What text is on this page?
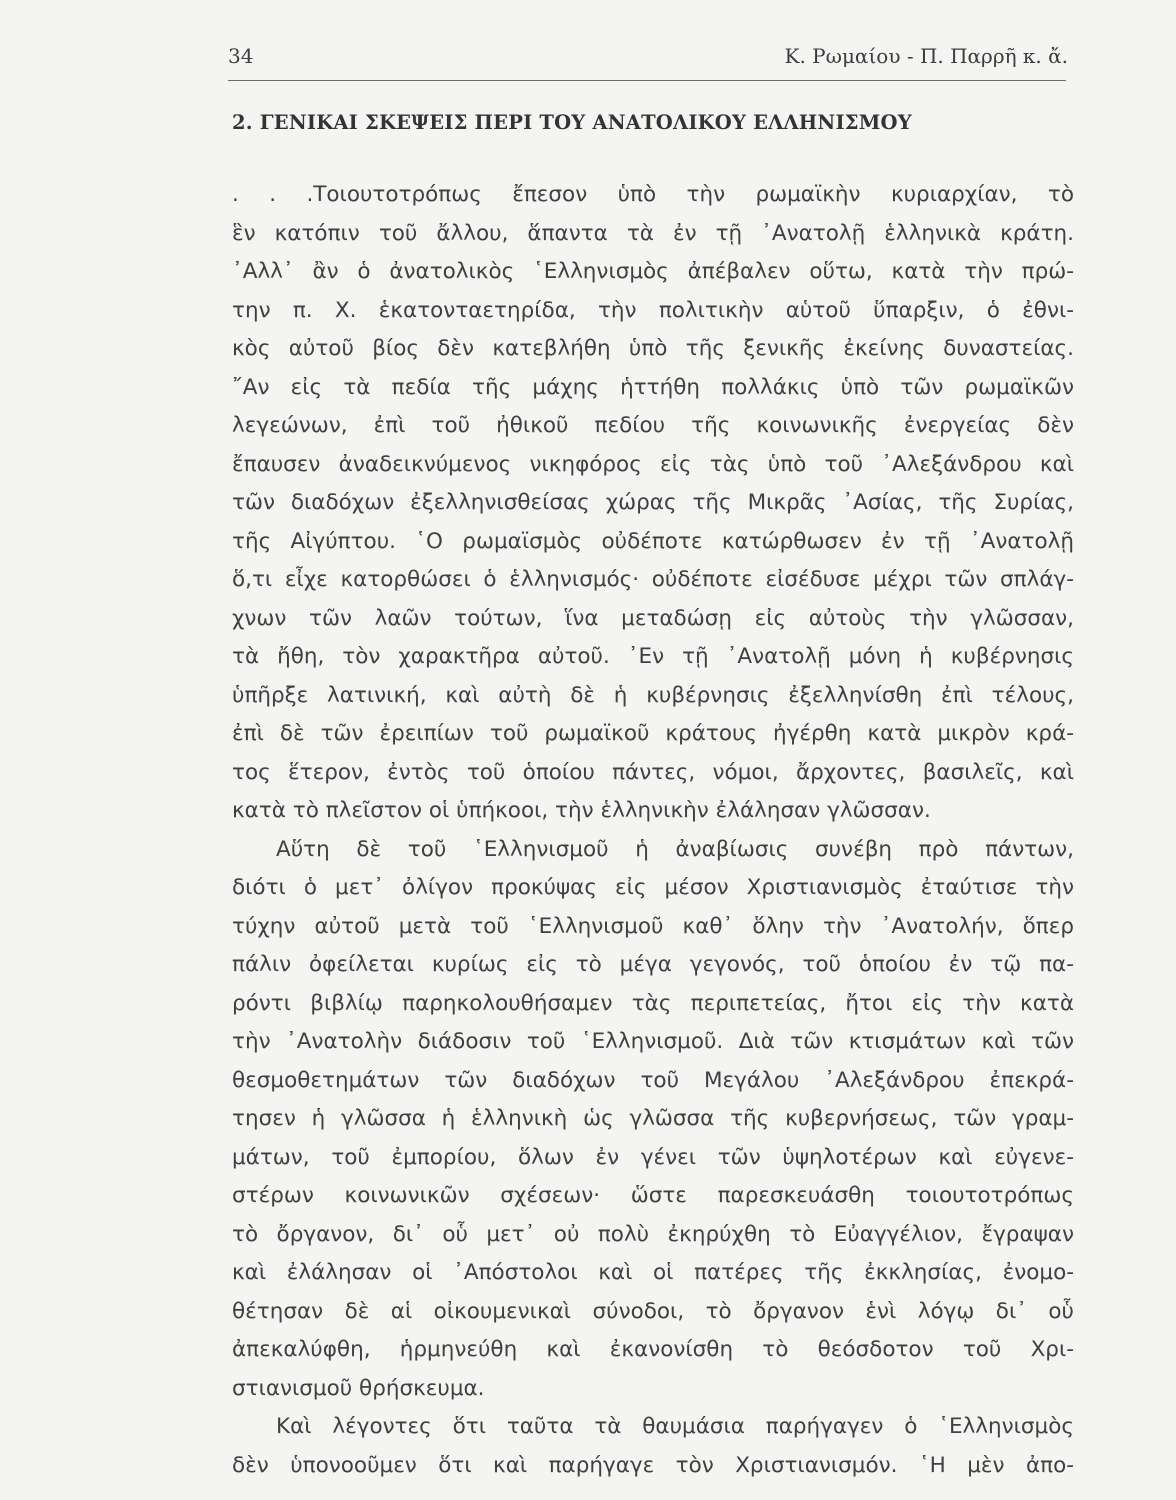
34	Κ. Ρωμαίου - Π. Παρρῆ κ. ἄ.
2. ΓΕΝΙΚΑΙ ΣΚΕΨΕΙΣ ΠΕΡΙ ΤΟΥ ΑΝΑΤΟΛΙΚΟΥ ΕΛΛΗΝΙΣΜΟΥ
. . .Τοιουτοτρόπως ἔπεσον ὑπὸ τὴν ρωμαϊκὴν κυριαρχίαν, τὸ
ἓν κατόπιν τοῦ ἄλλου, ἅπαντα τὰ ἐν τῇ ᾿Ανατολῇ ἑλληνικὰ κράτη.
᾿Αλλ᾿ ἂν ὁ ἀνατολικὸς ῾Ελληνισμὸς ἀπέβαλεν οὕτω, κατὰ τὴν πρώ-
την π. Χ. ἑκατονταετηρίδα, τὴν πολιτικὴν αὑτοῦ ὕπαρξιν, ὁ ἐθνι-
κὸς αὐτοῦ βίος δὲν κατεβλήθη ὑπὸ τῆς ξενικῆς ἐκείνης δυναστείας.
῎Αν εἰς τὰ πεδία τῆς μάχης ἡττήθη πολλάκις ὑπὸ τῶν ρωμαϊκῶν
λεγεώνων, ἐπὶ τοῦ ἠθικοῦ πεδίου τῆς κοινωνικῆς ἐνεργείας δὲν
ἔπαυσεν ἀναδεικνύμενος νικηφόρος εἰς τὰς ὑπὸ τοῦ ᾿Αλεξάνδρου καὶ
τῶν διαδόχων ἐξελληνισθείσας χώρας τῆς Μικρᾶς ᾿Ασίας, τῆς Συρίας,
τῆς Αἰγύπτου. ῾Ο ρωμαϊσμὸς οὐδέποτε κατώρθωσεν ἐν τῇ ᾿Ανατολῇ
ὅ,τι εἶχε κατορθώσει ὁ ἑλληνισμός· οὐδέποτε εἰσέδυσε μέχρι τῶν σπλάγ-
χνων τῶν λαῶν τούτων, ἵνα μεταδώσῃ εἰς αὐτοὺς τὴν γλῶσσαν,
τὰ ἤθη, τὸν χαρακτῆρα αὐτοῦ. ᾿Εν τῇ ᾿Ανατολῇ μόνη ἡ κυβέρνησις
ὑπῆρξε λατινική, καὶ αὐτὴ δὲ ἡ κυβέρνησις ἐξελληνίσθη ἐπὶ τέλους,
ἐπὶ δὲ τῶν ἐρειπίων τοῦ ρωμαϊκοῦ κράτους ἠγέρθη κατὰ μικρὸν κρά-
τος ἕτερον, ἐντὸς τοῦ ὁποίου πάντες, νόμοι, ἄρχοντες, βασιλεῖς, καὶ
κατὰ τὸ πλεῖστον οἱ ὑπήκοοι, τὴν ἑλληνικὴν ἐλάλησαν γλῶσσαν.
Αὕτη δὲ τοῦ ῾Ελληνισμοῦ ἡ ἀναβίωσις συνέβη πρὸ πάντων,
διότι ὁ μετ᾿ ὀλίγον προκύψας εἰς μέσον Χριστιανισμὸς ἐταύτισε τὴν
τύχην αὐτοῦ μετὰ τοῦ ῾Ελληνισμοῦ καθ᾿ ὅλην τὴν ᾿Ανατολήν, ὅπερ
πάλιν ὀφείλεται κυρίως εἰς τὸ μέγα γεγονός, τοῦ ὁποίου ἐν τῷ πα-
ρόντι βιβλίῳ παρηκολουθήσαμεν τὰς περιπετείας, ἤτοι εἰς τὴν κατὰ
τὴν ᾿Ανατολὴν διάδοσιν τοῦ ῾Ελληνισμοῦ. Διὰ τῶν κτισμάτων καὶ τῶν
θεσμοθετημάτων τῶν διαδόχων τοῦ Μεγάλου ᾿Αλεξάνδρου ἐπεκρά-
τησεν ἡ γλῶσσα ἡ ἑλληνικὴ ὡς γλῶσσα τῆς κυβερνήσεως, τῶν γραμ-
μάτων, τοῦ ἐμπορίου, ὅλων ἐν γένει τῶν ὑψηλοτέρων καὶ εὐγενε-
στέρων κοινωνικῶν σχέσεων· ὥστε παρεσκευάσθη τοιουτοτρόπως
τὸ ὄργανον, δι᾿ οὗ μετ᾿ οὐ πολὺ ἐκηρύχθη τὸ Εὐαγγέλιον, ἔγραψαν
καὶ ἐλάλησαν οἱ ᾿Απόστολοι καὶ οἱ πατέρες τῆς ἐκκλησίας, ἐνομο-
θέτησαν δὲ αἱ οἰκουμενικαὶ σύνοδοι, τὸ ὄργανον ἑνὶ λόγῳ δι᾿ οὗ
ἀπεκαλύφθη, ἡρμηνεύθη καὶ ἐκανονίσθη τὸ θεόσδοτον τοῦ Χρι-
στιανισμοῦ θρήσκευμα.
Καὶ λέγοντες ὅτι ταῦτα τὰ θαυμάσια παρήγαγεν ὁ ῾Ελληνισμὸς
δὲν ὑπονοοῦμεν ὅτι καὶ παρήγαγε τὸν Χριστιανισμόν. ῾Η μὲν ἀπο-
